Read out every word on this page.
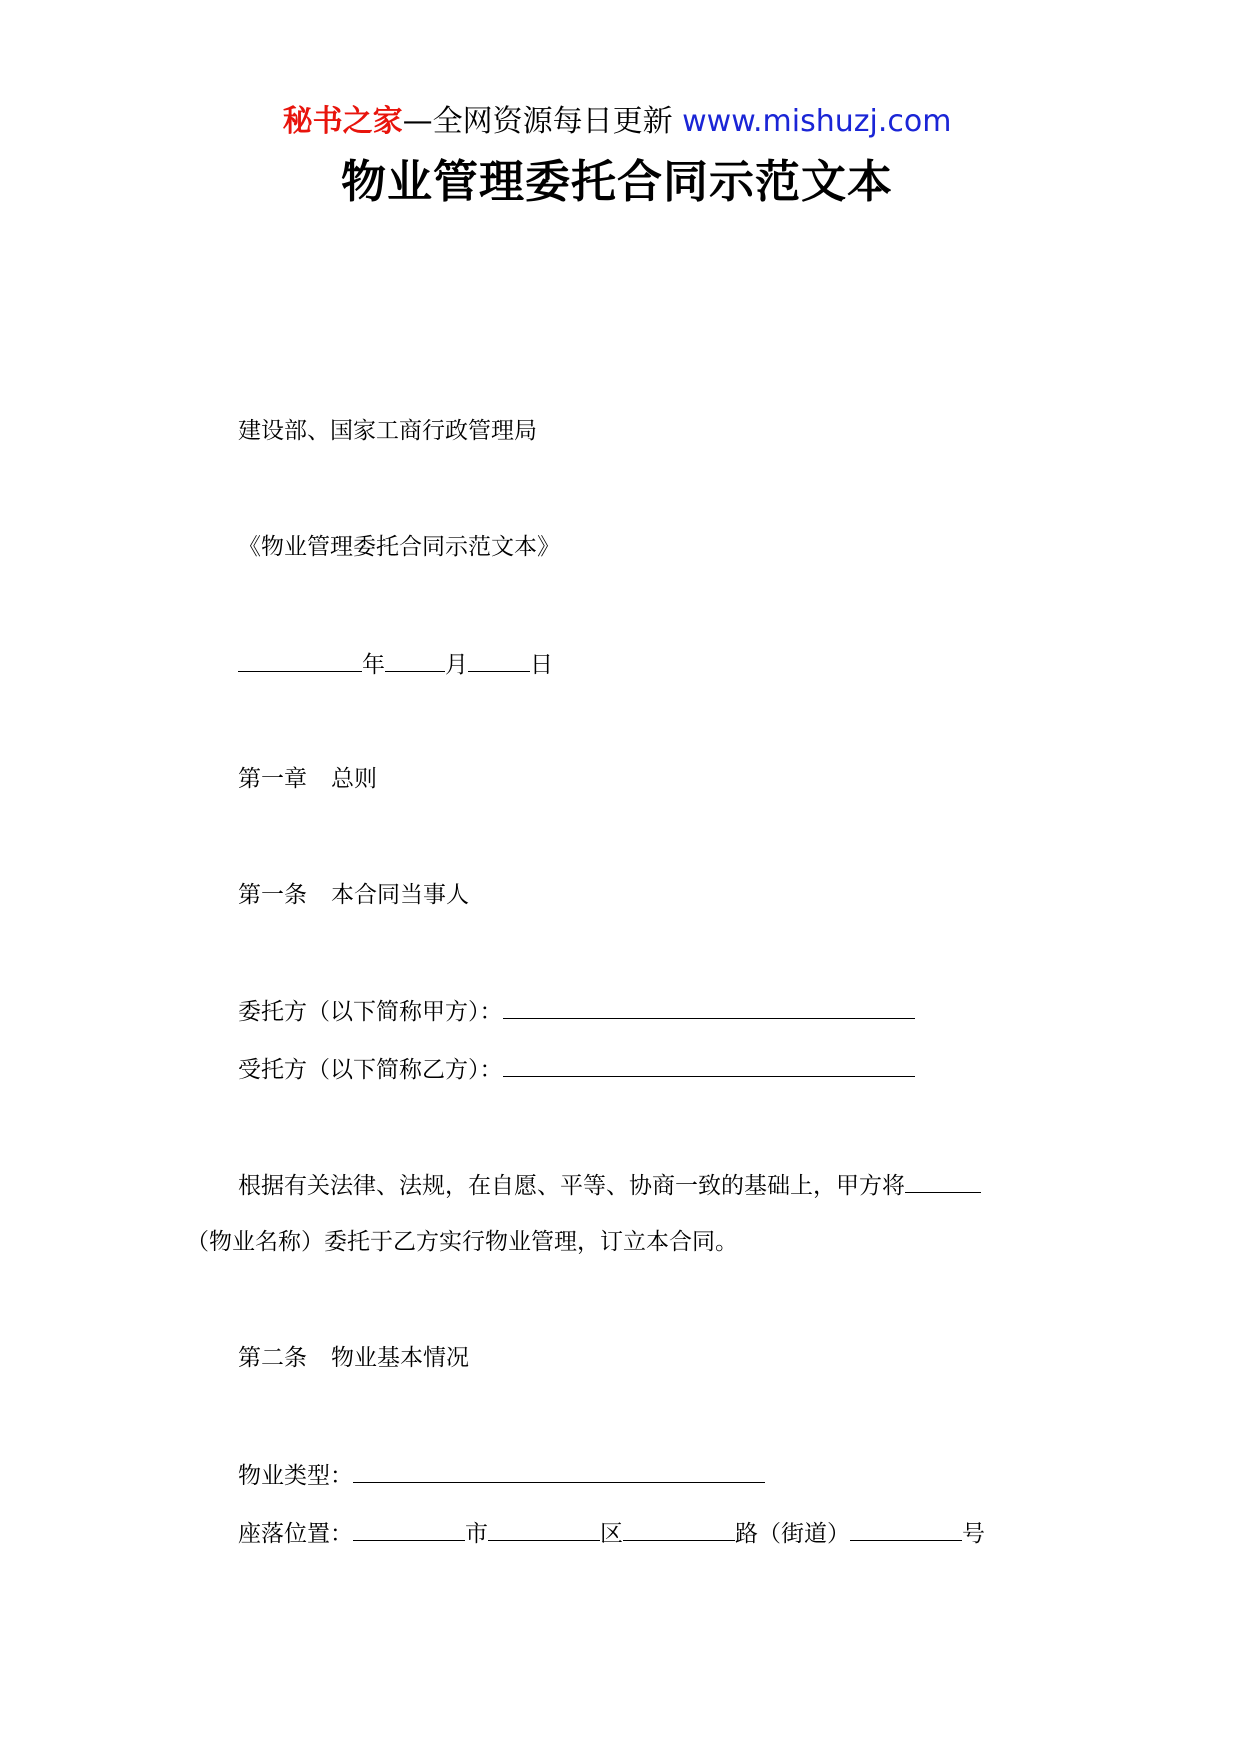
秘书之家—全网资源每日更新 www.mishuzj.com
物业管理委托合同示范文本
建设部、国家工商行政管理局
《物业管理委托合同示范文本》
年	月	日
第一章 总则
第一条 本合同当事人
委托方（以下简称甲方）：
受托方（以下简称乙方）：
根据有关法律、法规，在自愿、平等、协商一致的基础上，甲方将
（物业名称）委托于乙方实行物业管理，订立本合同。
第二条 物业基本情况
物业类型：
座落位置：	市	区	路（街道）	号
